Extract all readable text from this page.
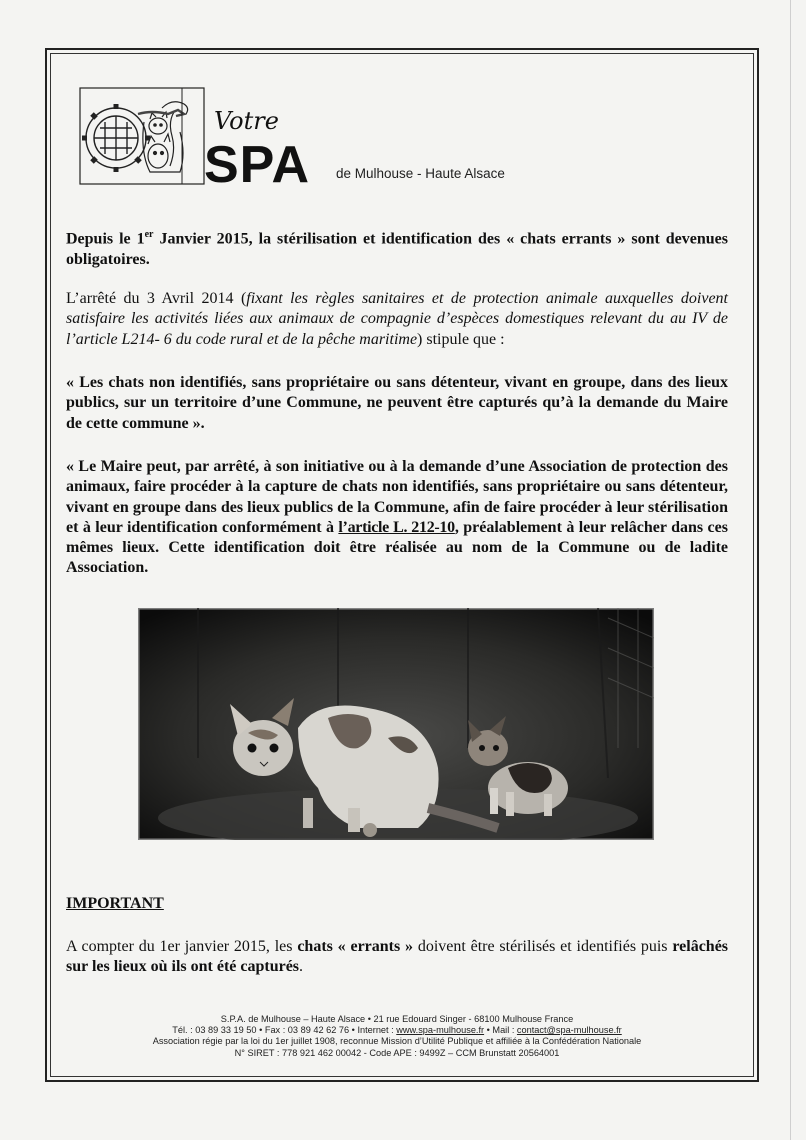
Votre
SPA de Mulhouse - Haute Alsace

Depuis le 1er Janvier 2015, la stérilisation et identification des « chats errants » sont devenues obligatoires.

L’arrêté du 3 Avril 2014 (fixant les règles sanitaires et de protection animale auxquelles doivent satisfaire les activités liées aux animaux de compagnie d’espèces domestiques relevant du au IV de l’article L214- 6 du code rural et de la pêche maritime) stipule que :

« Les chats non identifiés, sans propriétaire ou sans détenteur, vivant en groupe, dans des lieux publics, sur un territoire d’une Commune, ne peuvent être capturés qu’à la demande du Maire de cette commune ».

« Le Maire peut, par arrêté, à son initiative ou à la demande d’une Association de protection des animaux, faire procéder à la capture de chats non identifiés, sans propriétaire ou sans détenteur, vivant en groupe dans des lieux publics de la Commune, afin de faire procéder à leur stérilisation et à leur identification conformément à l’article L. 212-10, préalablement à leur relâcher dans ces mêmes lieux. Cette identification doit être réalisée au nom de la Commune ou de ladite Association.

IMPORTANT

A compter du 1er janvier 2015, les chats « errants » doivent être stérilisés et identifiés puis relâchés sur les lieux où ils ont été capturés.

S.P.A. de Mulhouse – Haute Alsace • 21 rue Edouard Singer - 68100 Mulhouse France

Tél. : 03 89 33 19 50 • Fax : 03 89 42 62 76 • Internet : www.spa-mulhouse.fr • Mail : contact@spa-mulhouse.fr

Association régie par la loi du 1er juillet 1908, reconnue Mission d’Utilité Publique et affiliée à la Confédération Nationale

N° SIRET : 778 921 462 00042 - Code APE : 9499Z – CCM Brunstatt 20564001
